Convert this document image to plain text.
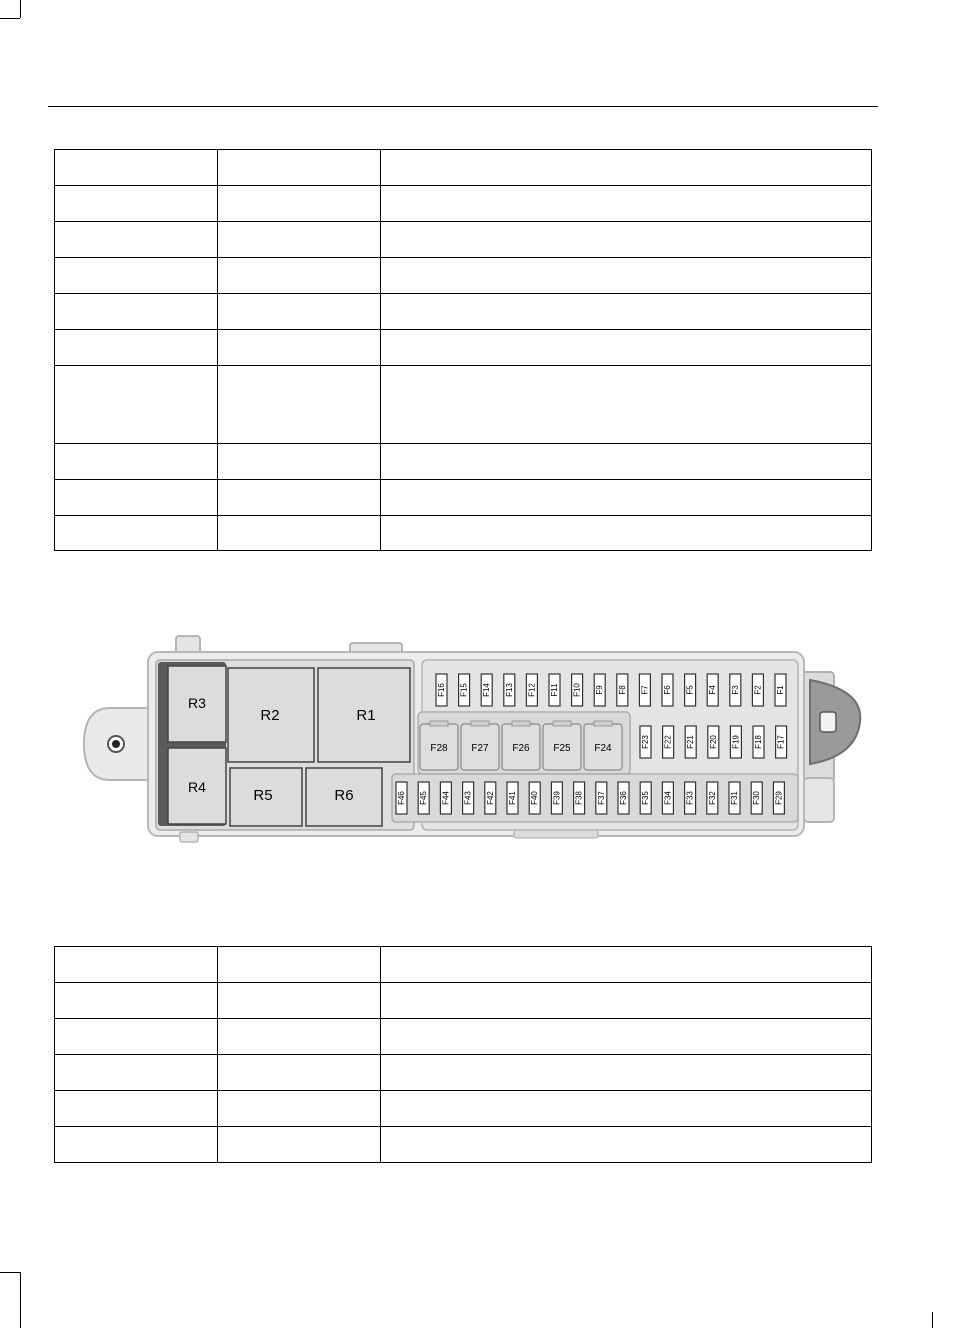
R3
R4
R2	R1
R5	R6
F16 F15 F14 F13 F12 F11 F10 F9 F8 F7 F6 F5 F4 F3 F2 F1
F28 F27 F26 F25 F24	F23 F22 F21 F20 F19 F18 F17
F46 F45 F44 F43 F42 F41 F40 F39 F38 F37 F36 F35 F34 F33 F32 F31 F30 F29
